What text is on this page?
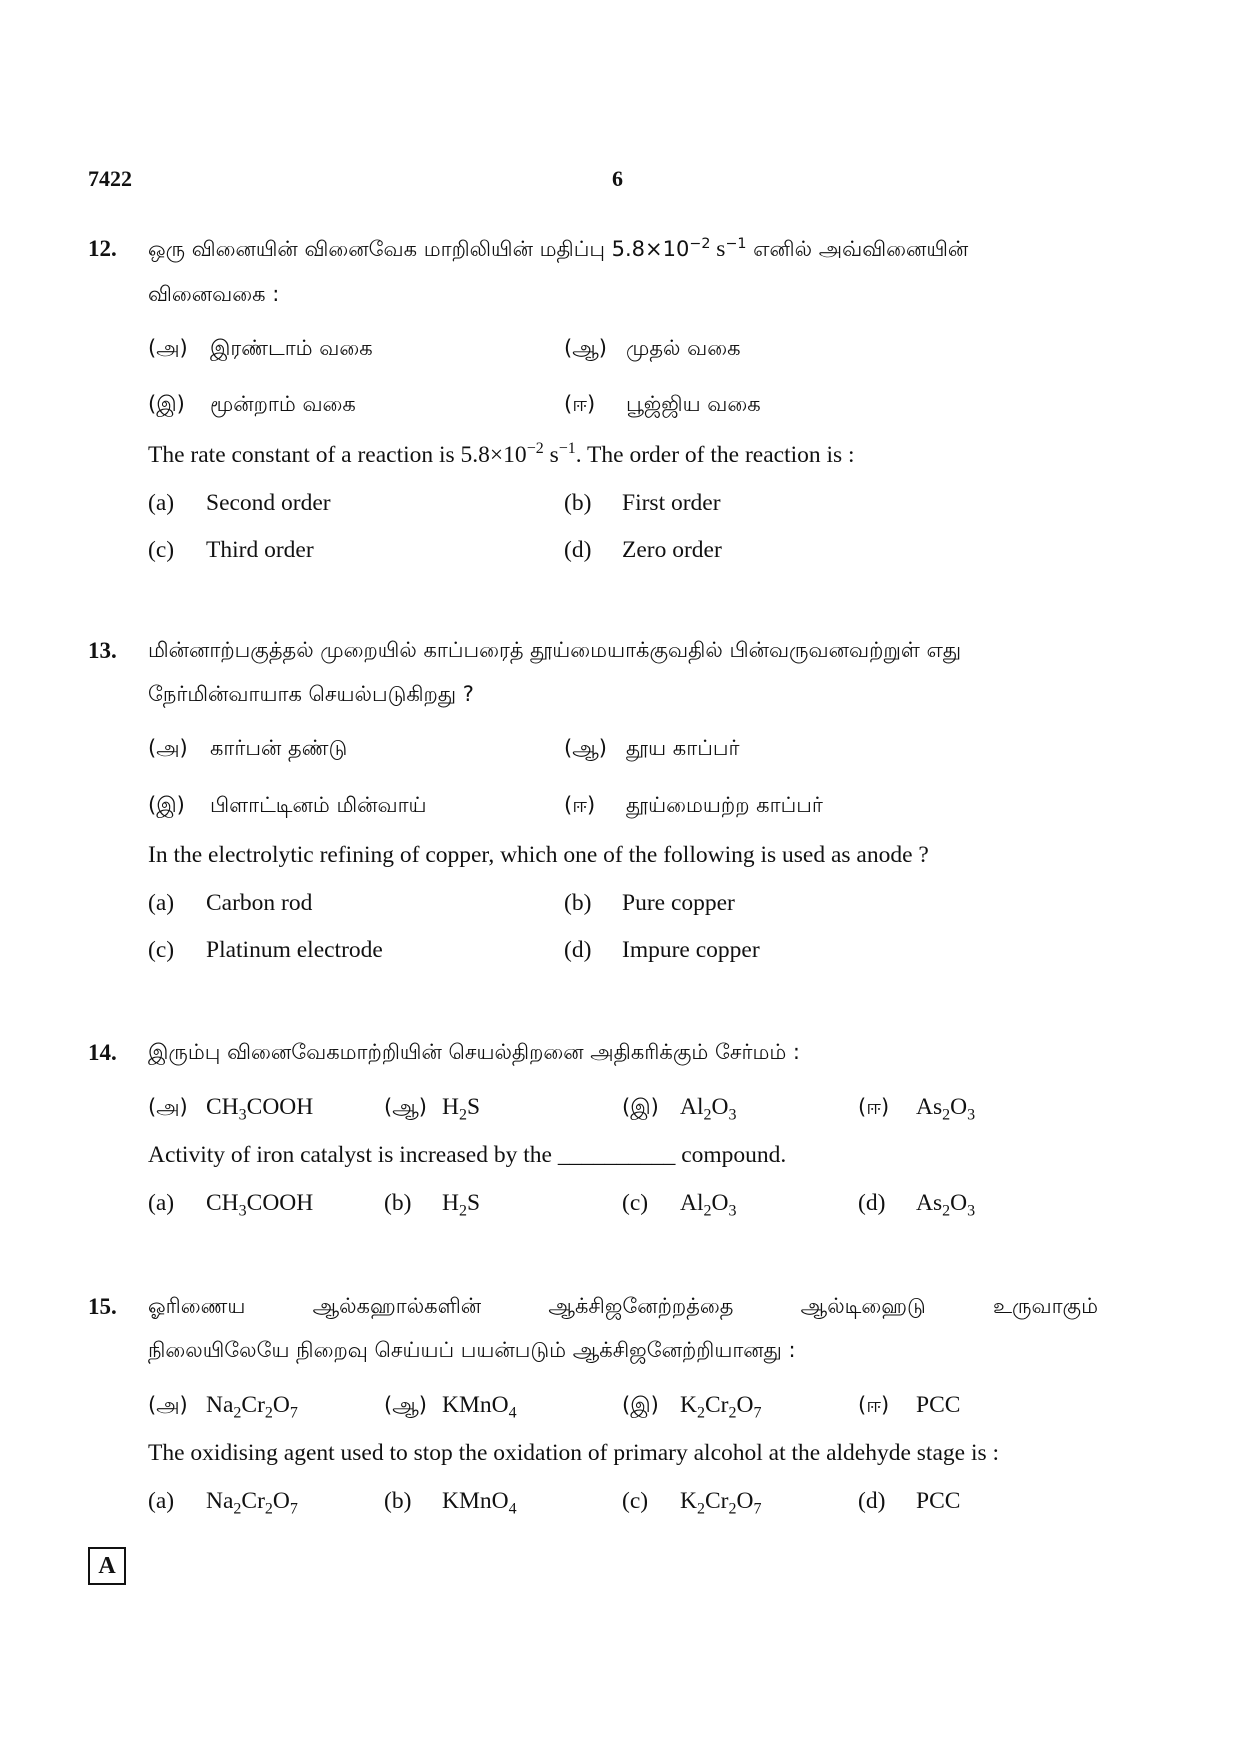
7422	6
12. ஒரு வினையின் வினைவேக மாறிலியின் மதிப்பு $5.8\times 10^{-2}$ $s^{-1}$ எனில் அவ்வினையின்
வினைவகை :
(அ) இரண்டாம் வகை	(ஆ) முதல் வகை
(இ) மூன்றாம் வகை	(ஈ) பூஜ்ஜிய வகை
The rate constant of a reaction is $5.8\times 10^{-2}$ $s^{-1}$. The order of the reaction is :
(a) Second order	(b) First order
(c) Third order	(d) Zero order
13. மின்னாற்பகுத்தல் முறையில் காப்பரைத் தூய்மையாக்குவதில் பின்வருவனவற்றுள் எது
நேர்மின்வாயாக செயல்படுகிறது ?
(அ) கார்பன் தண்டு	(ஆ) தூய காப்பர்
(இ) பிளாட்டினம் மின்வாய்	(ஈ) தூய்மையற்ற காப்பர்
In the electrolytic refining of copper, which one of the following is used as anode ?
(a) Carbon rod	(b) Pure copper
(c) Platinum electrode	(d) Impure copper
14. இரும்பு வினைவேகமாற்றியின் செயல்திறனை அதிகரிக்கும் சேர்மம் :
(அ) $CH_3COOH$	(ஆ) $H_2S$	(இ) $Al_2O_3$	(ஈ) $As_2O_3$
Activity of iron catalyst is increased by the __________ compound.
(a) $CH_3COOH$	(b) $H_2S$	(c) $Al_2O_3$	(d) $As_2O_3$
15. ஓரிணைய ஆல்கஹால்களின் ஆக்சிஜனேற்றத்தை ஆல்டிஹைடு உருவாகும்
நிலையிலேயே நிறைவு செய்யப் பயன்படும் ஆக்சிஜனேற்றியானது :
(அ) $Na_2Cr_2O_7$	(ஆ) KMnO$_4$	(இ) $K_2Cr_2O_7$	(ஈ) PCC
The oxidising agent used to stop the oxidation of primary alcohol at the aldehyde stage is :
(a) $Na_2Cr_2O_7$	(b) KMnO$_4$	(c) $K_2Cr_2O_7$	(d) PCC
A
